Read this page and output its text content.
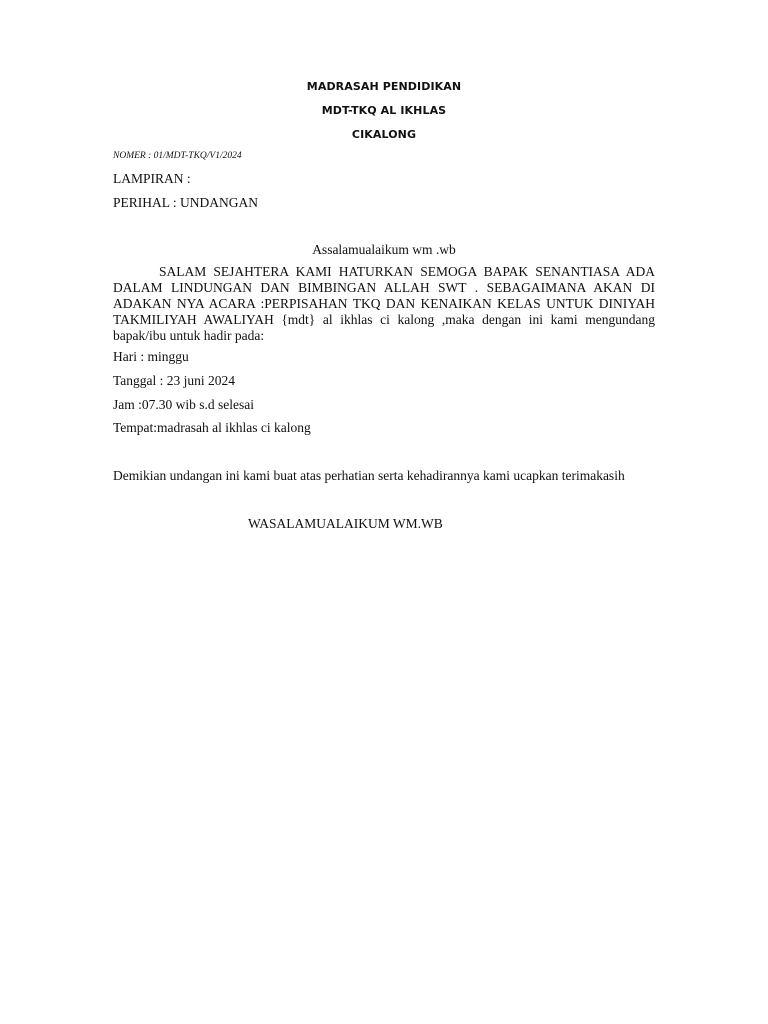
MADRASAH PENDIDIKAN
MDT-TKQ AL IKHLAS
CIKALONG
NOMER : 01/MDT-TKQ/V1/2024
LAMPIRAN :
PERIHAL : UNDANGAN
Assalamualaikum wm .wb
SALAM SEJAHTERA KAMI HATURKAN SEMOGA BAPAK SENANTIASA ADA DALAM LINDUNGAN DAN BIMBINGAN ALLAH SWT . SEBAGAIMANA AKAN DI ADAKAN NYA ACARA :PERPISAHAN TKQ DAN KENAIKAN KELAS UNTUK DINIYAH TAKMILIYAH AWALIYAH {mdt} al ikhlas ci kalong ,maka dengan ini kami mengundang bapak/ibu untuk hadir pada:
Hari : minggu
Tanggal : 23 juni 2024
Jam :07.30 wib s.d selesai
Tempat:madrasah al ikhlas ci kalong
Demikian undangan ini kami buat atas perhatian serta kehadirannya kami ucapkan terimakasih
WASALAMUALAIKUM WM.WB
